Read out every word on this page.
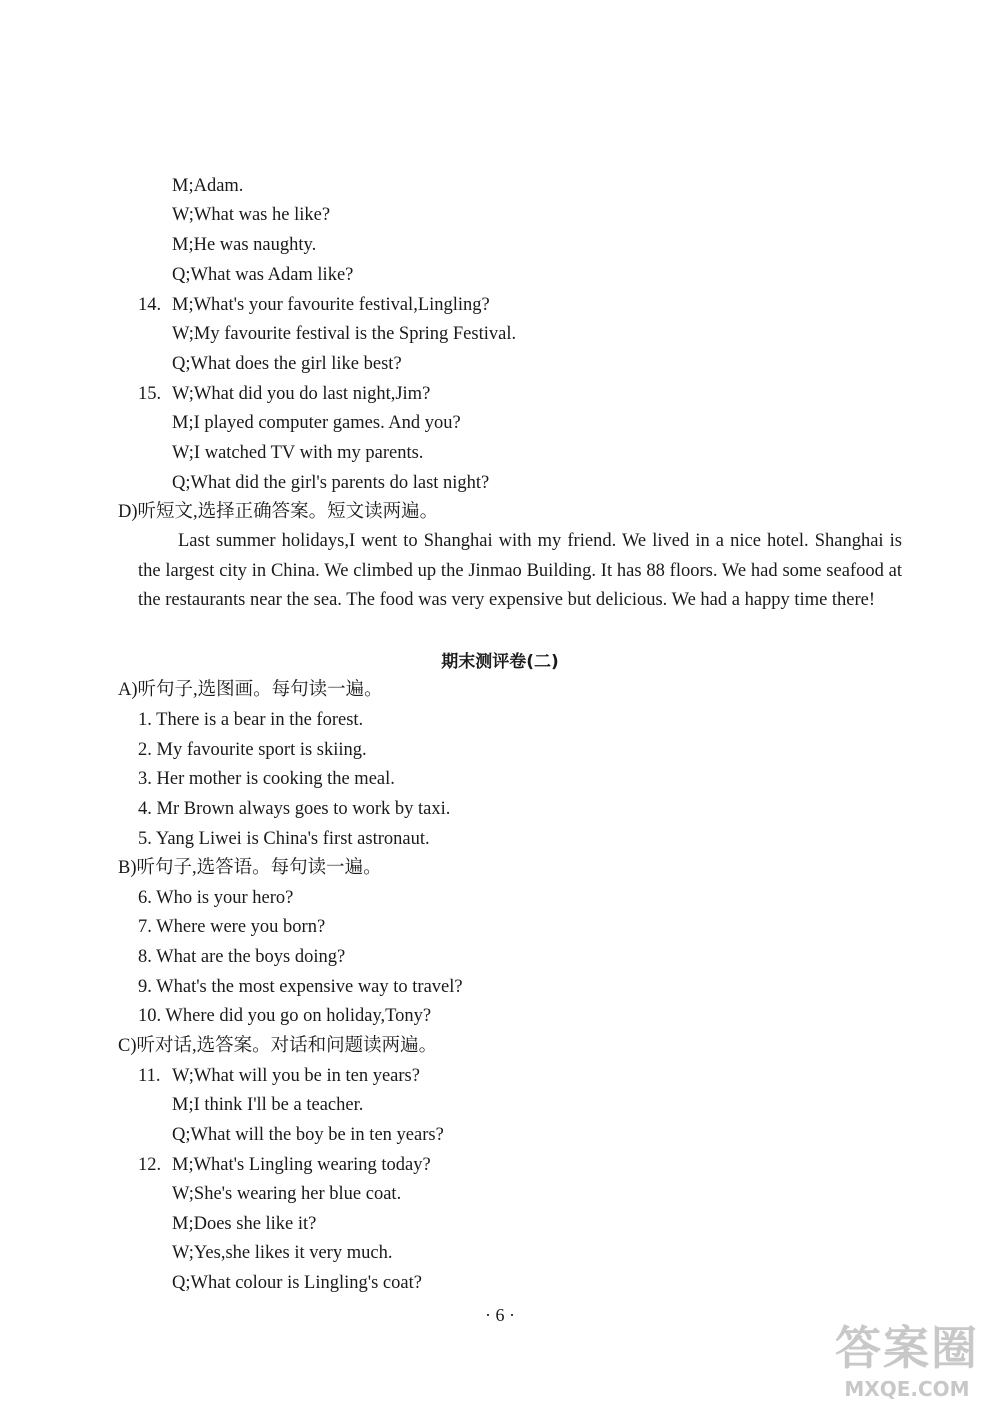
M;Adam.
W;What was he like?
M;He was naughty.
Q;What was Adam like?
14. M;What's your favourite festival,Lingling?
W;My favourite festival is the Spring Festival.
Q;What does the girl like best?
15. W;What did you do last night,Jim?
M;I played computer games. And you?
W;I watched TV with my parents.
Q;What did the girl's parents do last night?
D)听短文,选择正确答案。短文读两遍。
Last summer holidays,I went to Shanghai with my friend. We lived in a nice hotel. Shanghai is the largest city in China. We climbed up the Jinmao Building. It has 88 floors. We had some seafood at the restaurants near the sea. The food was very expensive but delicious. We had a happy time there!
期末测评卷(二)
A)听句子,选图画。每句读一遍。
1. There is a bear in the forest.
2. My favourite sport is skiing.
3. Her mother is cooking the meal.
4. Mr Brown always goes to work by taxi.
5. Yang Liwei is China's first astronaut.
B)听句子,选答语。每句读一遍。
6. Who is your hero?
7. Where were you born?
8. What are the boys doing?
9. What's the most expensive way to travel?
10. Where did you go on holiday,Tony?
C)听对话,选答案。对话和问题读两遍。
11. W;What will you be in ten years?
M;I think I'll be a teacher.
Q;What will the boy be in ten years?
12. M;What's Lingling wearing today?
W;She's wearing her blue coat.
M;Does she like it?
W;Yes,she likes it very much.
Q;What colour is Lingling's coat?
· 6 ·
答案圈
MXQE.COM
